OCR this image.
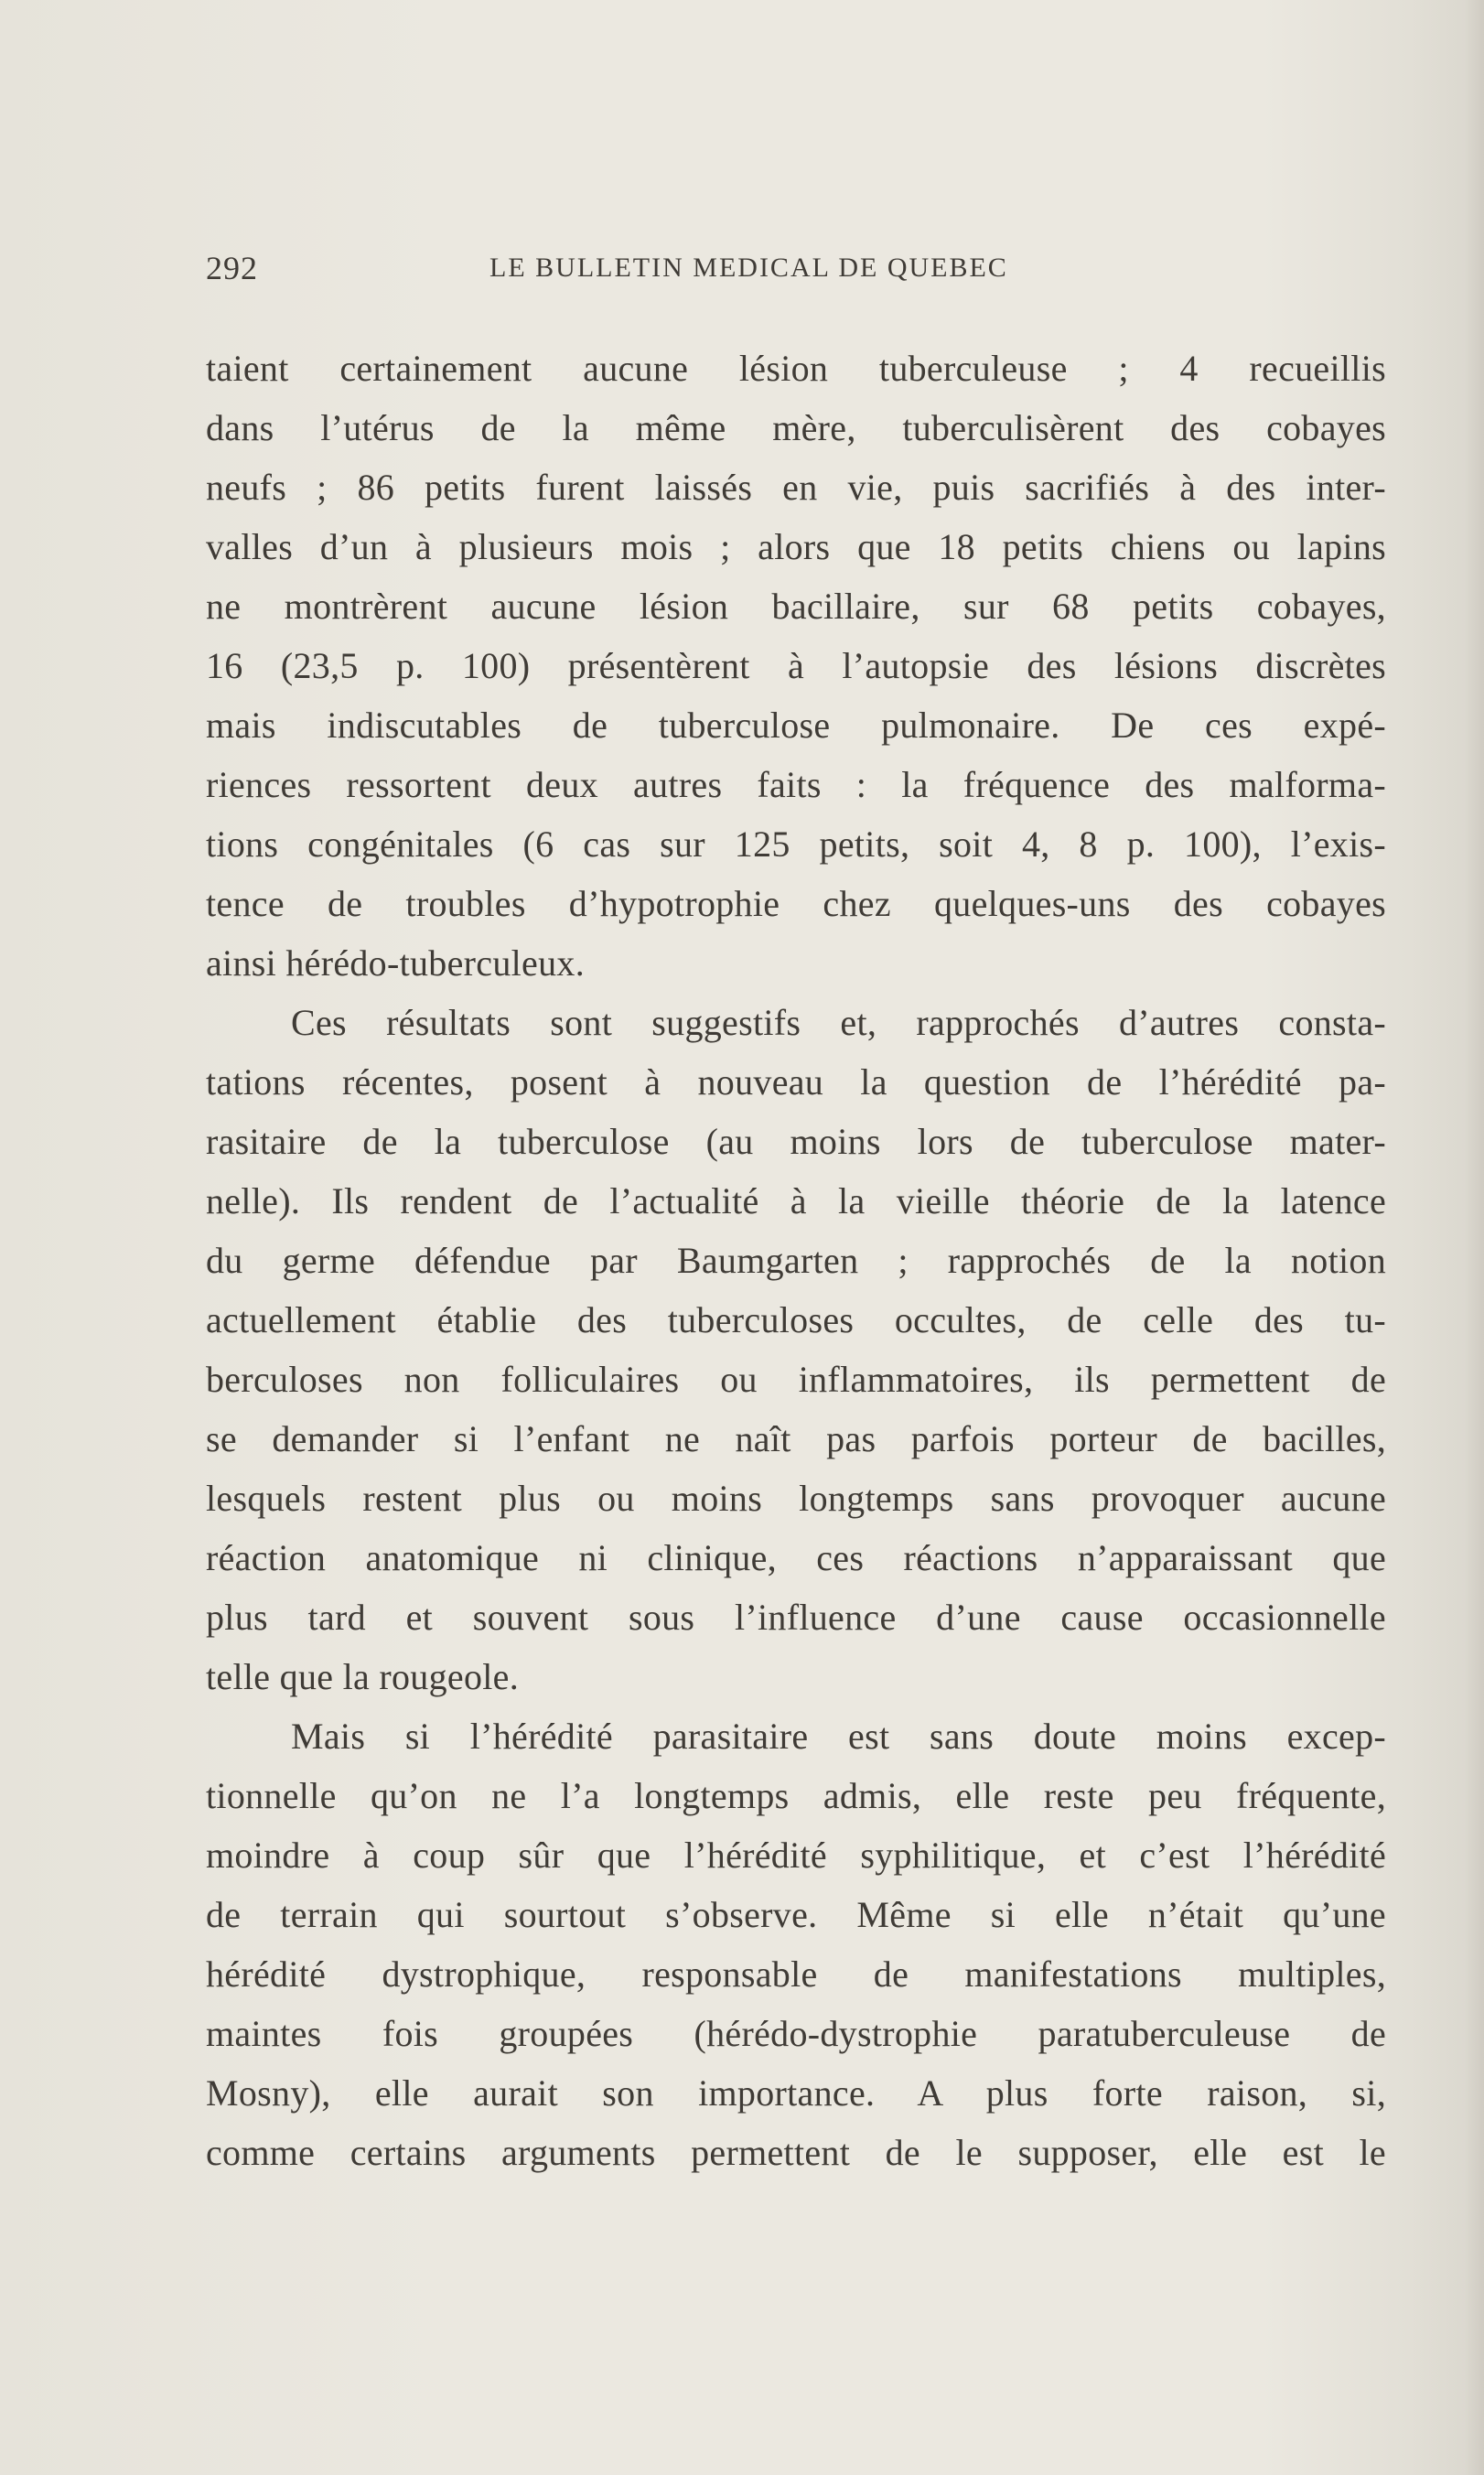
292	LE BULLETIN MEDICAL DE QUEBEC
taient certainement aucune lésion tuberculeuse ; 4 recueillis
dans l’utérus de la même mère, tuberculisèrent des cobayes
neufs ; 86 petits furent laissés en vie, puis sacrifiés à des inter-
valles d’un à plusieurs mois ; alors que 18 petits chiens ou lapins
ne montrèrent aucune lésion bacillaire, sur 68 petits cobayes,
16 (23,5 p. 100) présentèrent à l’autopsie des lésions discrètes
mais indiscutables de tuberculose pulmonaire. De ces expé-
riences ressortent deux autres faits : la fréquence des malforma-
tions congénitales (6 cas sur 125 petits, soit 4, 8 p. 100), l’exis-
tence de troubles d’hypotrophie chez quelques-uns des cobayes
ainsi hérédo-tuberculeux.
Ces résultats sont suggestifs et, rapprochés d’autres consta-
tations récentes, posent à nouveau la question de l’hérédité pa-
rasitaire de la tuberculose (au moins lors de tuberculose mater-
nelle). Ils rendent de l’actualité à la vieille théorie de la latence
du germe défendue par Baumgarten ; rapprochés de la notion
actuellement établie des tuberculoses occultes, de celle des tu-
berculoses non folliculaires ou inflammatoires, ils permettent de
se demander si l’enfant ne naît pas parfois porteur de bacilles,
lesquels restent plus ou moins longtemps sans provoquer aucune
réaction anatomique ni clinique, ces réactions n’apparaissant que
plus tard et souvent sous l’influence d’une cause occasionnelle
telle que la rougeole.
Mais si l’hérédité parasitaire est sans doute moins excep-
tionnelle qu’on ne l’a longtemps admis, elle reste peu fréquente,
moindre à coup sûr que l’hérédité syphilitique, et c’est l’hérédité
de terrain qui sourtout s’observe. Même si elle n’était qu’une
hérédité dystrophique, responsable de manifestations multiples,
maintes fois groupées (hérédo-dystrophie paratuberculeuse de
Mosny), elle aurait son importance. A plus forte raison, si,
comme certains arguments permettent de le supposer, elle est le
